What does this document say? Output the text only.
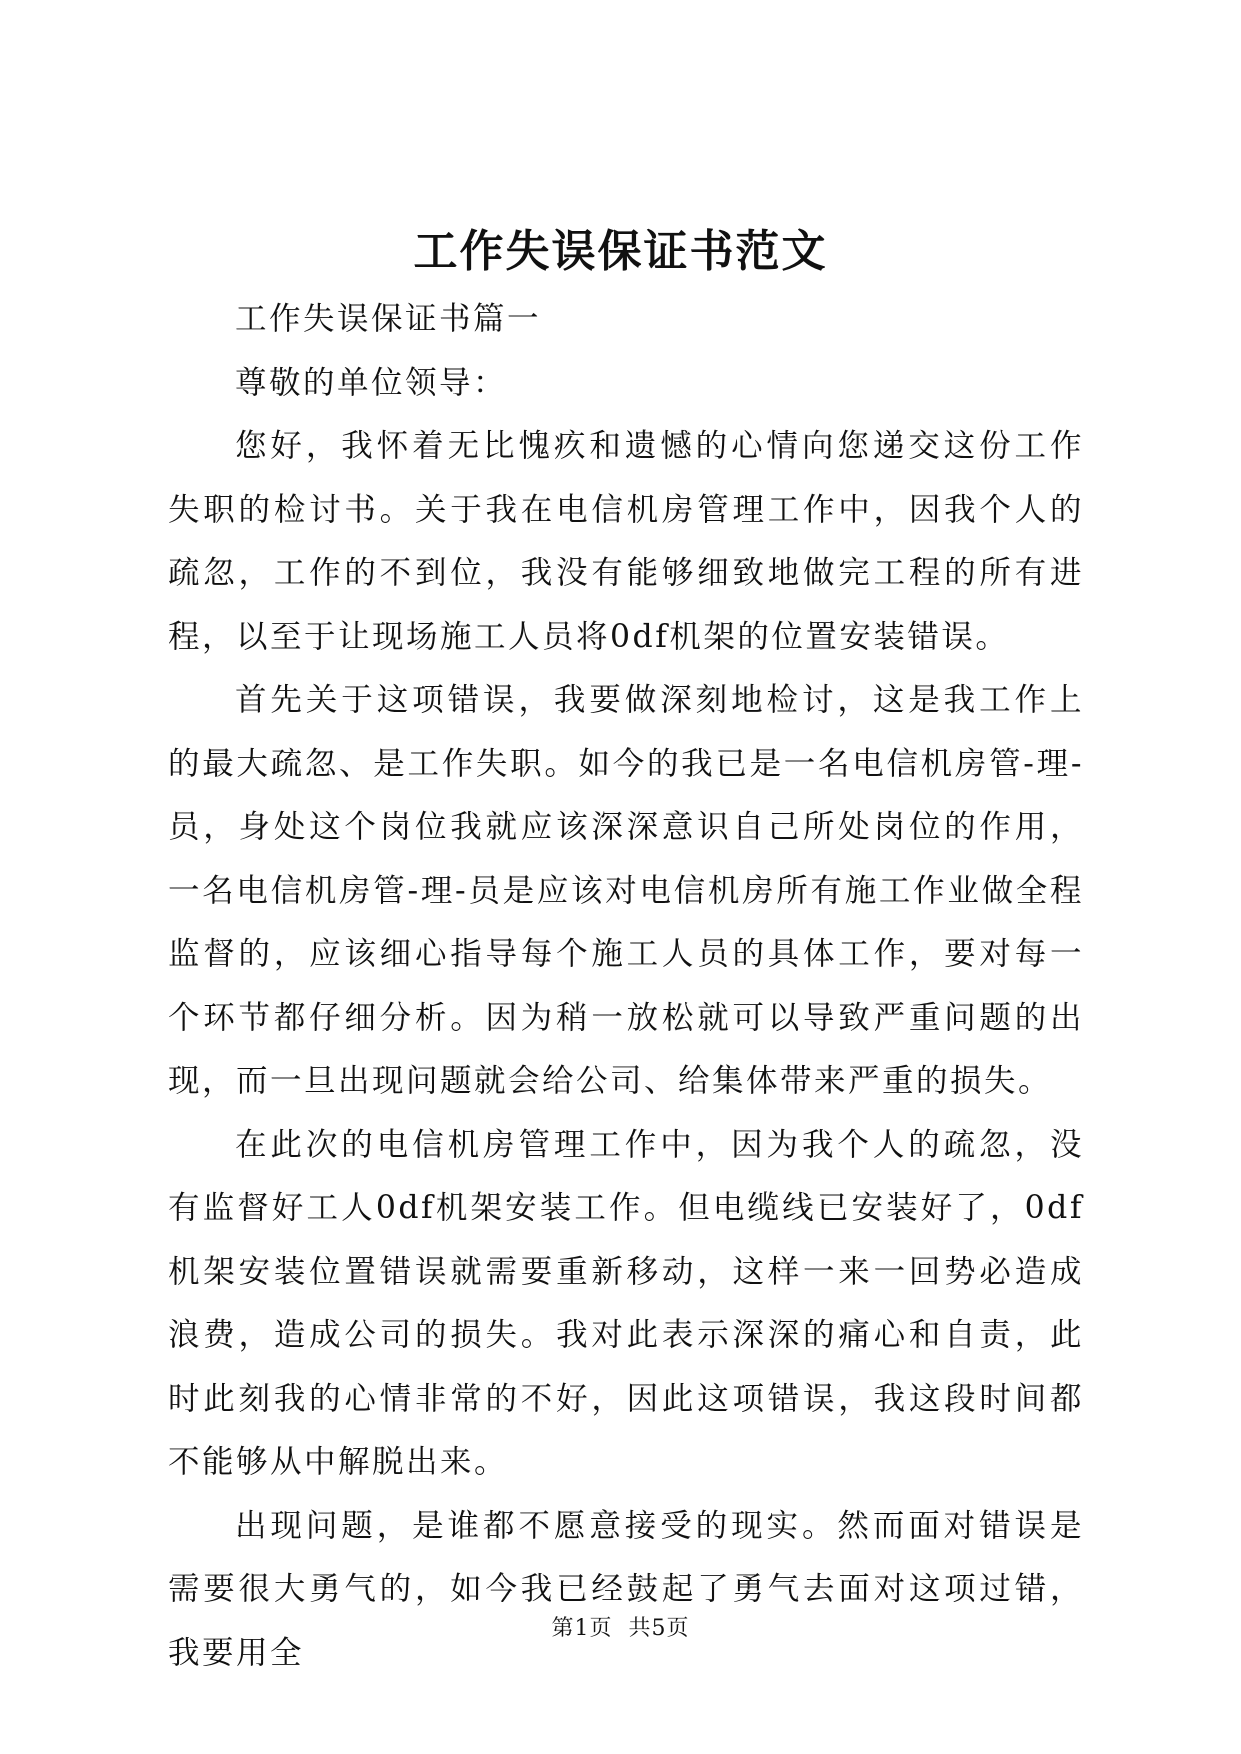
工作失误保证书范文

工作失误保证书篇一

尊敬的单位领导：

您好，我怀着无比愧疚和遗憾的心情向您递交这份工作失职的检讨书。关于我在电信机房管理工作中，因我个人的疏忽，工作的不到位，我没有能够细致地做完工程的所有进程，以至于让现场施工人员将0df机架的位置安装错误。

首先关于这项错误，我要做深刻地检讨，这是我工作上的最大疏忽、是工作失职。如今的我已是一名电信机房管-理-员，身处这个岗位我就应该深深意识自己所处岗位的作用，一名电信机房管-理-员是应该对电信机房所有施工作业做全程监督的，应该细心指导每个施工人员的具体工作，要对每一个环节都仔细分析。因为稍一放松就可以导致严重问题的出现，而一旦出现问题就会给公司、给集体带来严重的损失。

在此次的电信机房管理工作中，因为我个人的疏忽，没有监督好工人0df机架安装工作。但电缆线已安装好了，0df机架安装位置错误就需要重新移动，这样一来一回势必造成浪费，造成公司的损失。我对此表示深深的痛心和自责，此时此刻我的心情非常的不好，因此这项错误，我这段时间都不能够从中解脱出来。

出现问题，是谁都不愿意接受的现实。然而面对错误是需要很大勇气的，如今我已经鼓起了勇气去面对这项过错，我要用全

第1页 共5页
